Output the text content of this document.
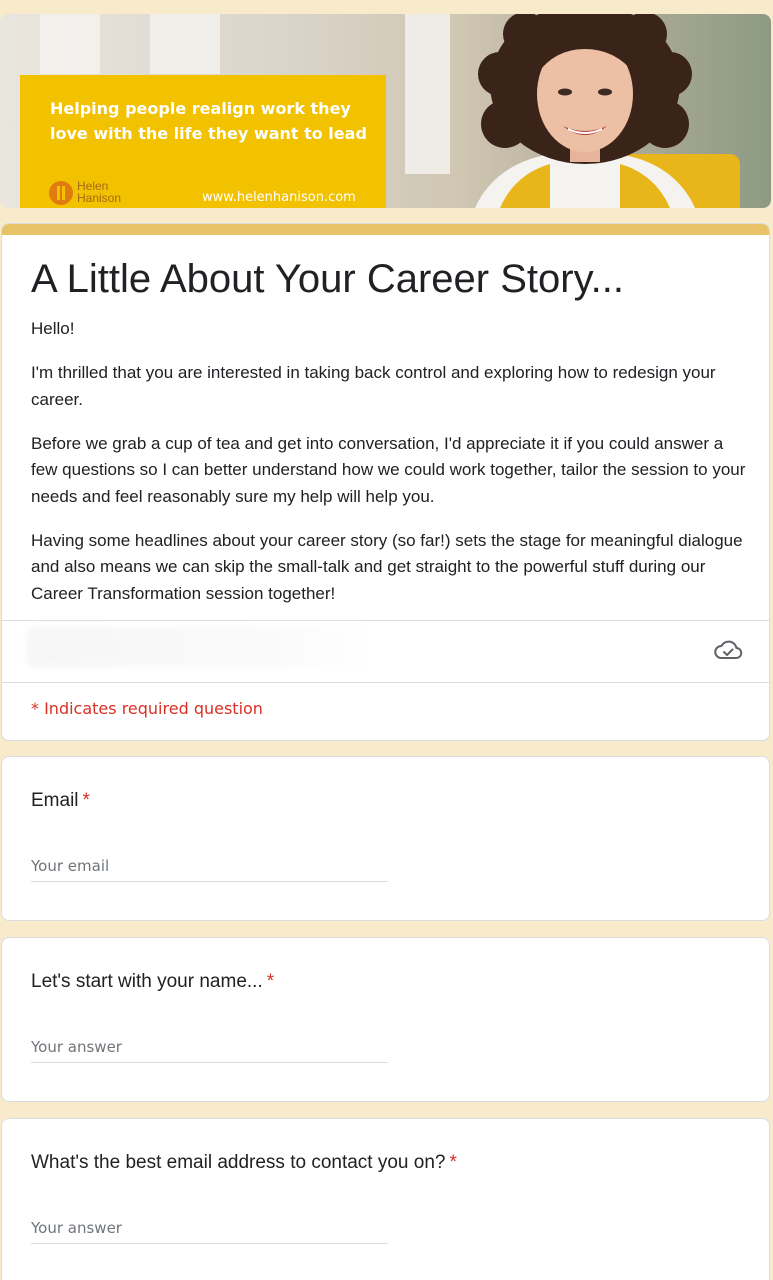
Helping people realign work they love with the life they want to lead
Helen
Hanison	www.helenhanison.com
A Little About Your Career Story...

Hello!

I'm thrilled that you are interested in taking back control and exploring how to redesign your career.

Before we grab a cup of tea and get into conversation, I'd appreciate it if you could answer a few questions so I can better understand how we could work together, tailor the session to your needs and feel reasonably sure my help will help you.

Having some headlines about your career story (so far!) sets the stage for meaningful dialogue and also means we can skip the small-talk and get straight to the powerful stuff during our Career Transformation session together!

* Indicates required question
Email *
Your email
Let's start with your name... *
Your answer
What's the best email address to contact you on? *
Your answer
